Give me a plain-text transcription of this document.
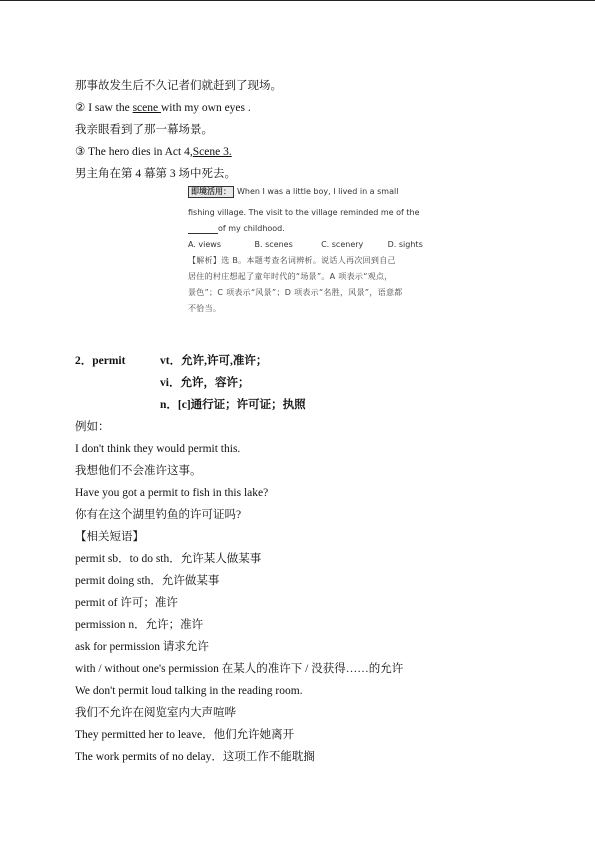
那事故发生后不久记者们就赶到了现场。
② I saw the scene with my own eyes .
我亲眼看到了那一幕场景。
③ The hero dies in Act 4,Scene 3.
男主角在第 4 幕第 3 场中死去。
即境活用： When I was a little boy, I lived in a small
fishing village. The visit to the village reminded me of the
of my childhood.
A. views	B. scenes	C. scenery	D. sights
【解析】选 B。本题考查名词辨析。说话人再次回到自己
居住的村庄想起了童年时代的“场景”。A 项表示“观点，
景色”；C 项表示“风景”；D 项表示“名胜，风景”，语意都
不恰当。
2．permit	vt．允许,许可,准许；
vi．允许，容许；
n．[c]通行证；许可证；执照
例如：
I don't think they would permit this.
我想他们不会准许这事。
Have you got a permit to fish in this lake?
你有在这个湖里钓鱼的许可证吗?
【相关短语】
permit sb．to do sth．允许某人做某事
permit doing sth．允许做某事
permit of 许可；准许
permission n．允许；准许
ask for permission 请求允许
with / without one's permission 在某人的准许下 / 没获得……的允许
We don't permit loud talking in the reading room.
我们不允许在阅览室内大声喧哗
They permitted her to leave．他们允许她离开
The work permits of no delay．这项工作不能耽搁
